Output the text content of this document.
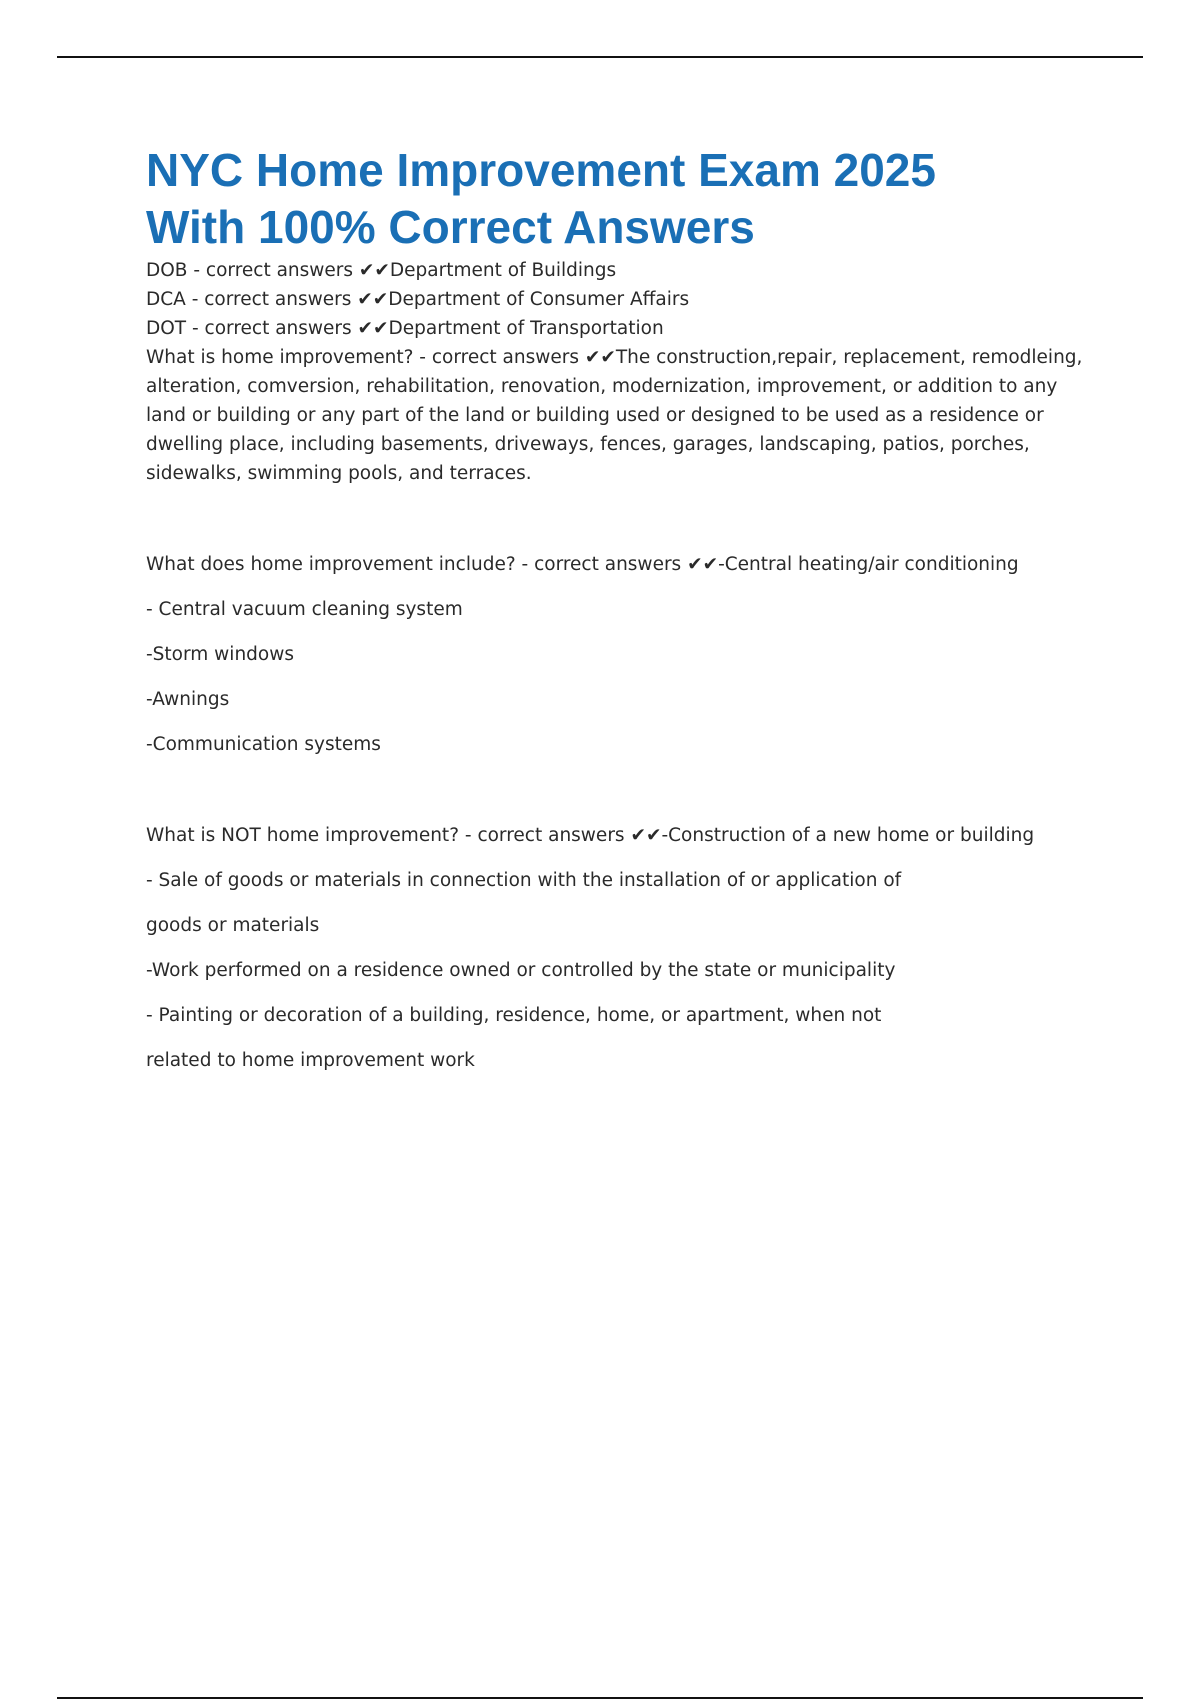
NYC Home Improvement Exam 2025
With 100% Correct Answers

DOB - correct answers ✔✔Department of Buildings

DCA - correct answers ✔✔Department of Consumer Affairs

DOT - correct answers ✔✔Department of Transportation

What is home improvement? - correct answers ✔✔The construction,repair, replacement, remodleing, alteration, comversion, rehabilitation, renovation, modernization, improvement, or addition to any land or building or any part of the land or building used or designed to be used as a residence or dwelling place, including basements, driveways, fences, garages, landscaping, patios, porches, sidewalks, swimming pools, and terraces.

What does home improvement include? - correct answers ✔✔-Central heating/air conditioning
- Central vacuum cleaning system
-Storm windows
-Awnings
-Communication systems
What is NOT home improvement? - correct answers ✔✔-Construction of a new home or building
- Sale of goods or materials in connection with the installation of or application of
goods or materials
-Work performed on a residence owned or controlled by the state or municipality
- Painting or decoration of a building, residence, home, or apartment, when not
related to home improvement work
